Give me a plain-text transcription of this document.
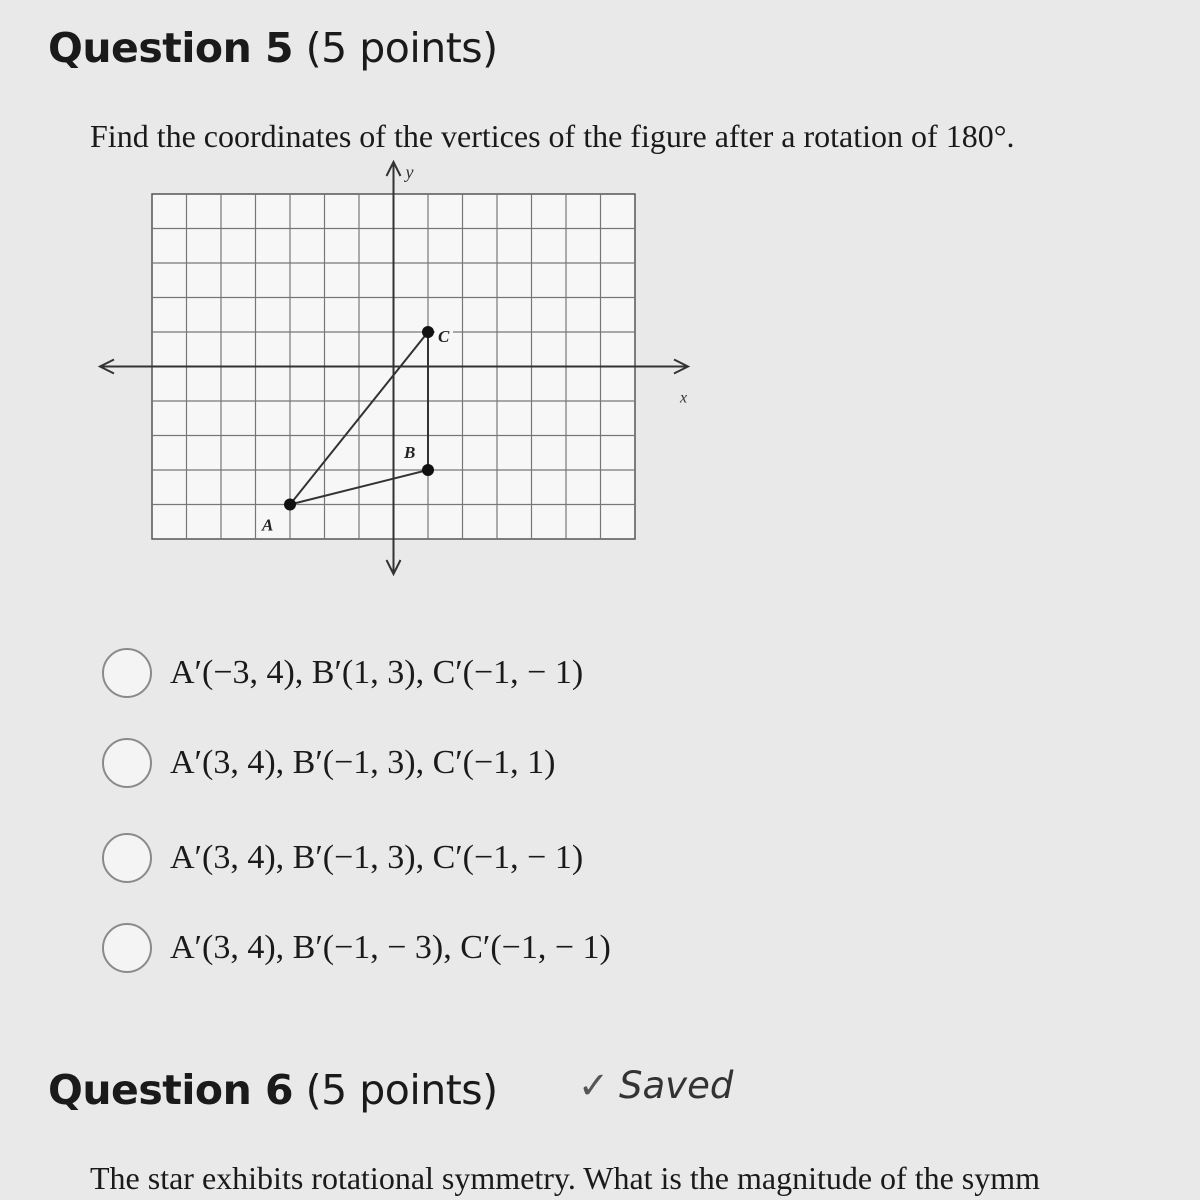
Question 5 (5 points)
Find the coordinates of the vertices of the figure after a rotation of 180°.
x
y
A
B
C
A′(−3, 4), B′(1, 3), C′(−1, − 1)
A′(3, 4), B′(−1, 3), C′(−1, 1)
A′(3, 4), B′(−1, 3), C′(−1, − 1)
A′(3, 4), B′(−1, − 3), C′(−1, − 1)
Question 6 (5 points) ✓ Saved
The star exhibits rotational symmetry. What is the magnitude of the symm
